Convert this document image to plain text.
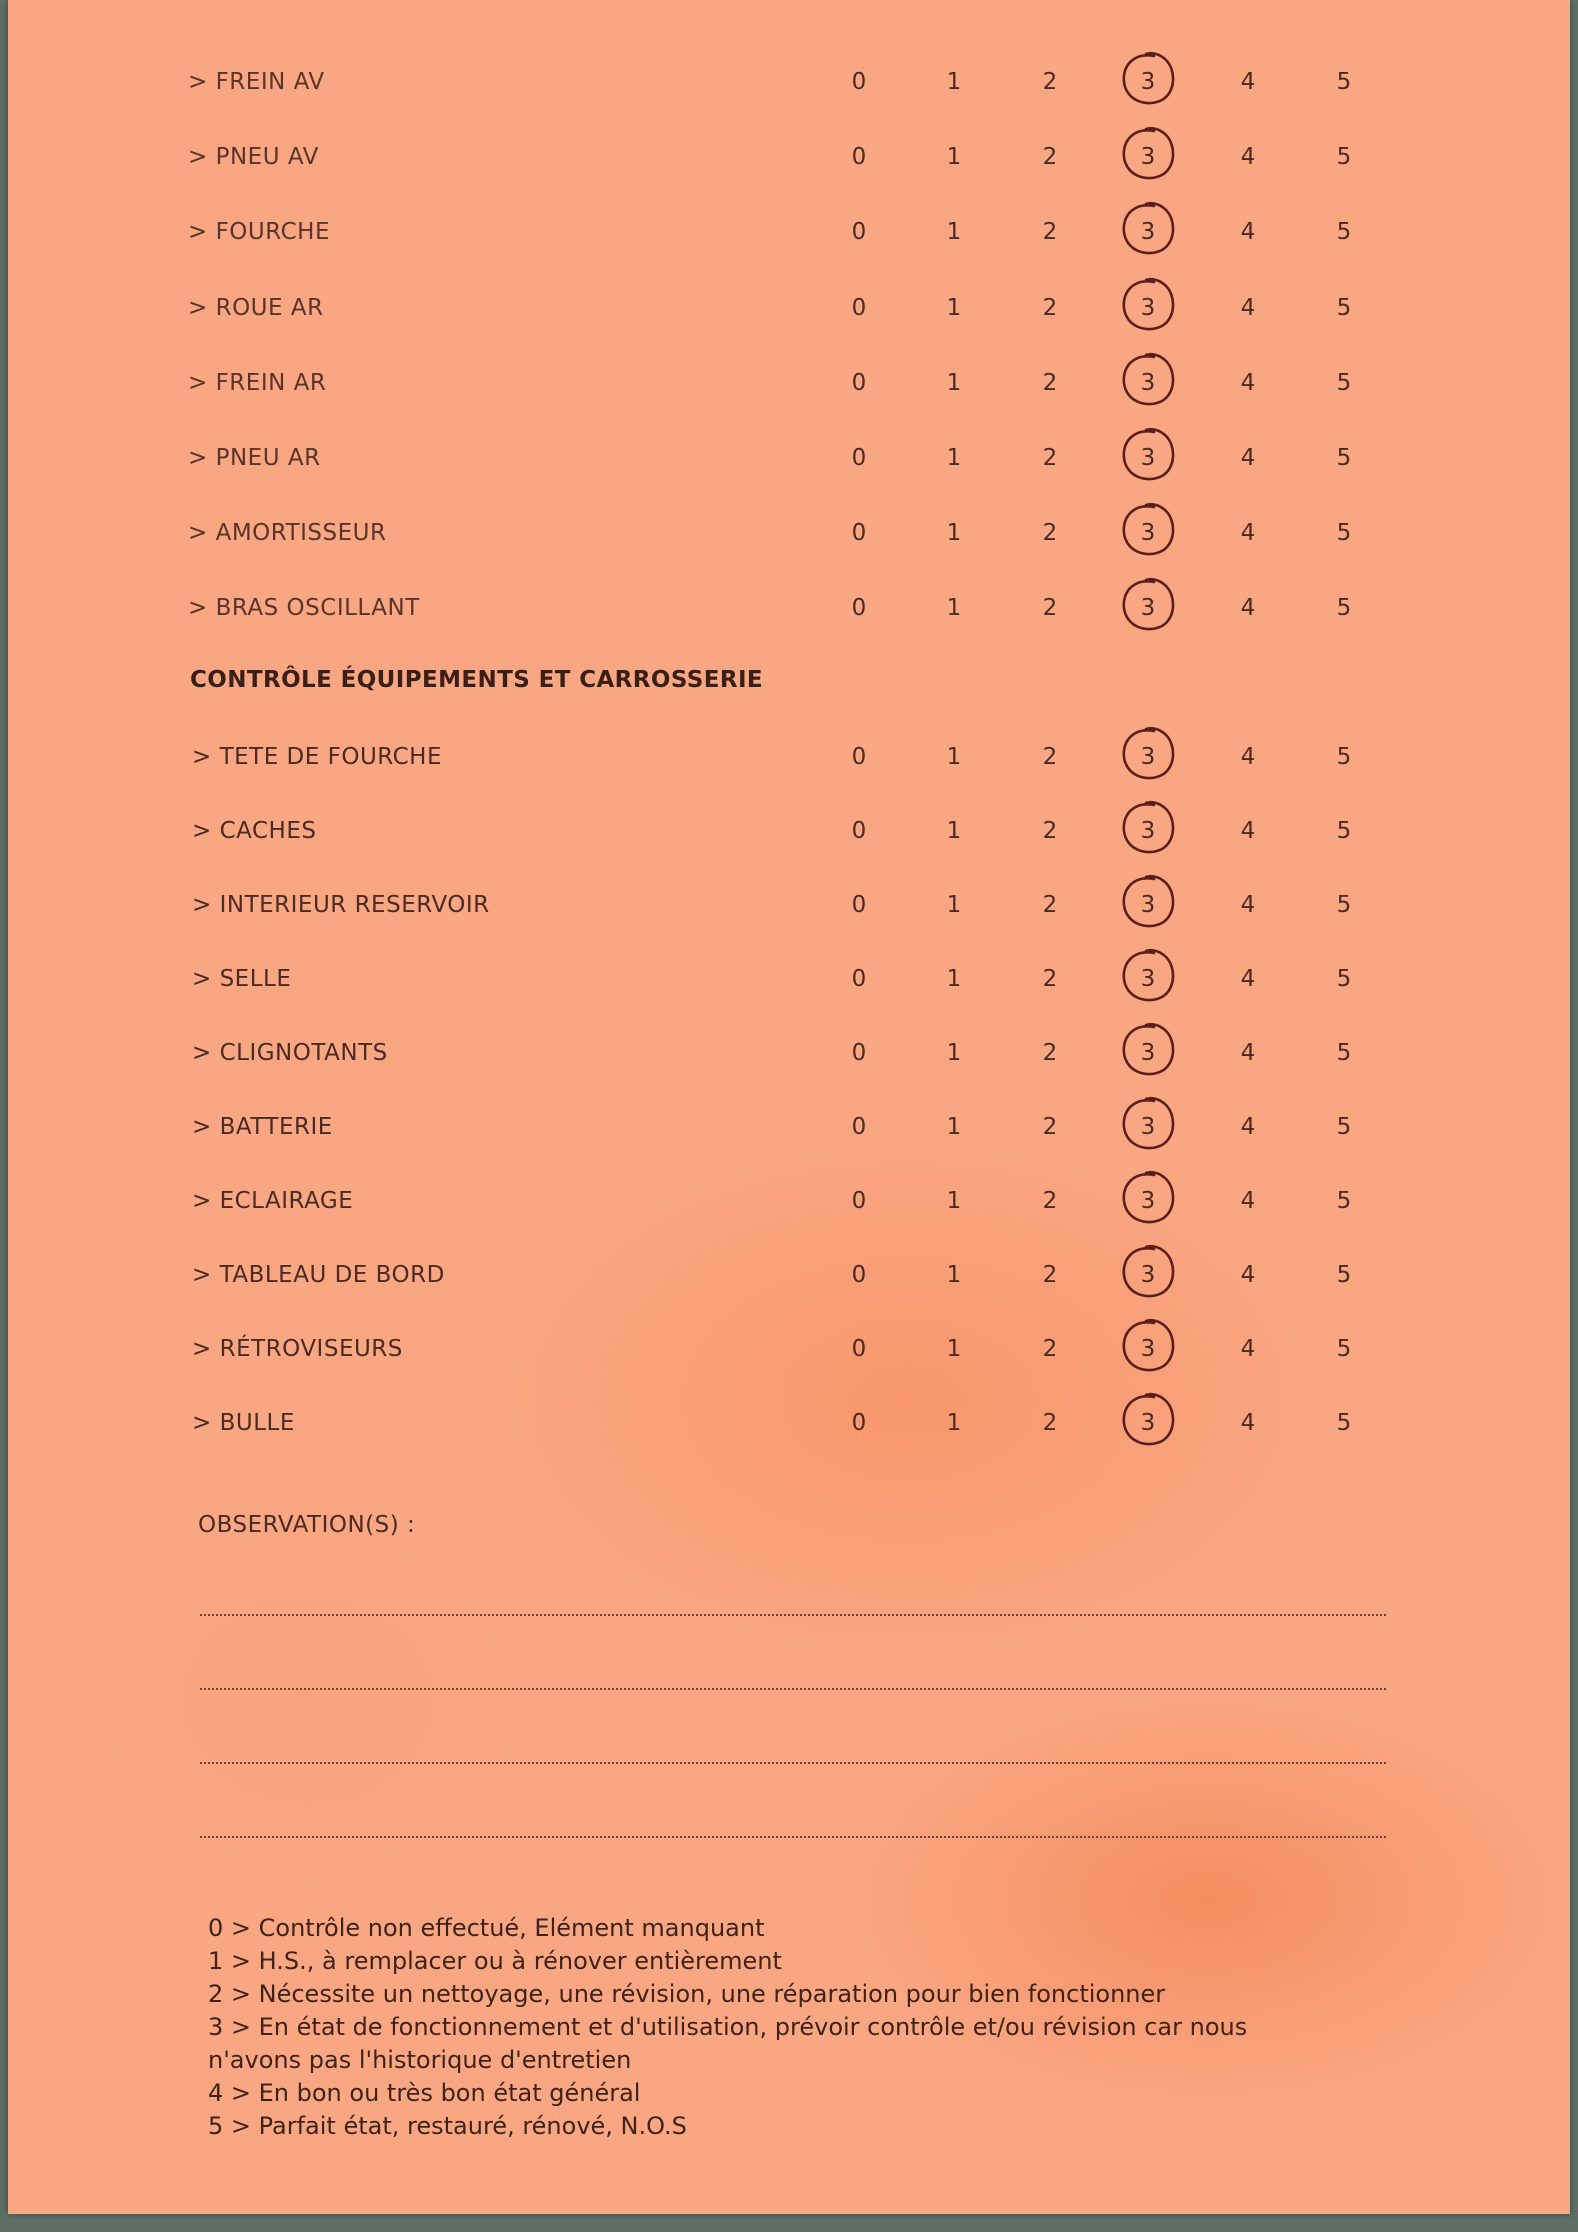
> FREIN AV	0	1	2	3	4	5
> PNEU AV	0	1	2	3	4	5
> FOURCHE	0	1	2	3	4	5
> ROUE AR	0	1	2	3	4	5
> FREIN AR	0	1	2	3	4	5
> PNEU AR	0	1	2	3	4	5
> AMORTISSEUR	0	1	2	3	4	5
> BRAS OSCILLANT	0	1	2	3	4	5
> TETE DE FOURCHE	0	1	2	3	4	5
> CACHES	0	1	2	3	4	5
> INTERIEUR RESERVOIR	0	1	2	3	4	5
> SELLE	0	1	2	3	4	5
> CLIGNOTANTS	0	1	2	3	4	5
> BATTERIE	0	1	2	3	4	5
> ECLAIRAGE	0	1	2	3	4	5
> TABLEAU DE BORD	0	1	2	3	4	5
> RÉTROVISEURS	0	1	2	3	4	5
> BULLE	0	1	2	3	4	5
CONTRÔLE ÉQUIPEMENTS ET CARROSSERIE
OBSERVATION(S) :
0 > Contrôle non effectué, Elément manquant
1 > H.S., à remplacer ou à rénover entièrement
2 > Nécessite un nettoyage, une révision, une réparation pour bien fonctionner
3 > En état de fonctionnement et d'utilisation, prévoir contrôle et/ou révision car nous
n'avons pas l'historique d'entretien
4 > En bon ou très bon état général
5 > Parfait état, restauré, rénové, N.O.S
